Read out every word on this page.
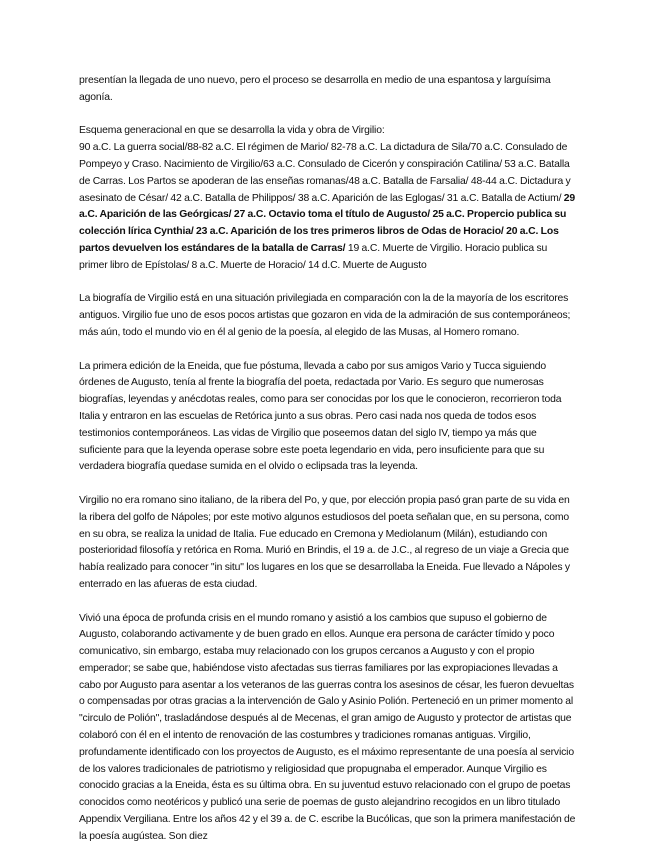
presentían la llegada de uno nuevo, pero el proceso se desarrolla en medio de una espantosa y larguísima agonía.

Esquema generacional en que se desarrolla la vida y obra de Virgilio:
90 a.C. La guerra social/88-82 a.C. El régimen de Mario/ 82-78 a.C. La dictadura de Sila/70 a.C. Consulado de Pompeyo y Craso. Nacimiento de Virgilio/63 a.C. Consulado de Cicerón y conspiración Catilina/ 53 a.C. Batalla de Carras. Los Partos se apoderan de las enseñas romanas/48 a.C. Batalla de Farsalia/ 48-44 a.C. Dictadura y asesinato de César/ 42 a.C. Batalla de Philippos/ 38 a.C. Aparición de las Eglogas/ 31 a.C. Batalla de Actium/ 29 a.C. Aparición de las Geórgicas/ 27 a.C. Octavio toma el título de Augusto/ 25 a.C. Propercio publica su colección lírica Cynthia/ 23 a.C. Aparición de los tres primeros libros de Odas de Horacio/ 20 a.C. Los partos devuelven los estándares de la batalla de Carras/ 19 a.C. Muerte de Virgilio. Horacio publica su primer libro de Epístolas/ 8 a.C. Muerte de Horacio/ 14 d.C. Muerte de Augusto

La biografía de Virgilio está en una situación privilegiada en comparación con la de la mayoría de los escritores antiguos. Virgilio fue uno de esos pocos artistas que gozaron en vida de la admiración de sus contemporáneos; más aún, todo el mundo vio en él al genio de la poesía, al elegido de las Musas, al Homero romano.

La primera edición de la Eneida, que fue póstuma, llevada a cabo por sus amigos Vario y Tucca siguiendo órdenes de Augusto, tenía al frente la biografía del poeta, redactada por Vario. Es seguro que numerosas biografías, leyendas y anécdotas reales, como para ser conocidas por los que le conocieron, recorrieron toda Italia y entraron en las escuelas de Retórica junto a sus obras. Pero casi nada nos queda de todos esos testimonios contemporáneos. Las vidas de Virgilio que poseemos datan del siglo IV, tiempo ya más que suficiente para que la leyenda operase sobre este poeta legendario en vida, pero insuficiente para que su verdadera biografía quedase sumida en el olvido o eclipsada tras la leyenda.

Virgilio no era romano sino italiano, de la ribera del Po, y que, por elección propia pasó gran parte de su vida en la ribera del golfo de Nápoles; por este motivo algunos estudiosos del poeta señalan que, en su persona, como en su obra, se realiza la unidad de Italia. Fue educado en Cremona y Mediolanum (Milán), estudiando con posterioridad filosofía y retórica en Roma. Murió en Brindis, el 19 a. de J.C., al regreso de un viaje a Grecia que había realizado para conocer "in situ" los lugares en los que se desarrollaba la Eneida. Fue llevado a Nápoles y enterrado en las afueras de esta ciudad.

Vivió una época de profunda crisis en el mundo romano y asistió a los cambios que supuso el gobierno de Augusto, colaborando activamente y de buen grado en ellos. Aunque era persona de carácter tímido y poco comunicativo, sin embargo, estaba muy relacionado con los grupos cercanos a Augusto y con el propio emperador; se sabe que, habiéndose visto afectadas sus tierras familiares por las expropiaciones llevadas a cabo por Augusto para asentar a los veteranos de las guerras contra los asesinos de césar, les fueron devueltas o compensadas por otras gracias a la intervención de Galo y Asinio Polión. Perteneció en un primer momento al "circulo de Polión", trasladándose después al de Mecenas, el gran amigo de Augusto y protector de artistas que colaboró con él en el intento de renovación de las costumbres y tradiciones romanas antiguas. Virgilio, profundamente identificado con los proyectos de Augusto, es el máximo representante de una poesía al servicio de los valores tradicionales de patriotismo y religiosidad que propugnaba el emperador. Aunque Virgilio es conocido gracias a la Eneida, ésta es su última obra. En su juventud estuvo relacionado con el grupo de poetas conocidos como neotéricos y publicó una serie de poemas de gusto alejandrino recogidos en un libro titulado Appendix Vergiliana. Entre los años 42 y el 39 a. de C. escribe la Bucólicas, que son la primera manifestación de la poesía augústea. Son diez
